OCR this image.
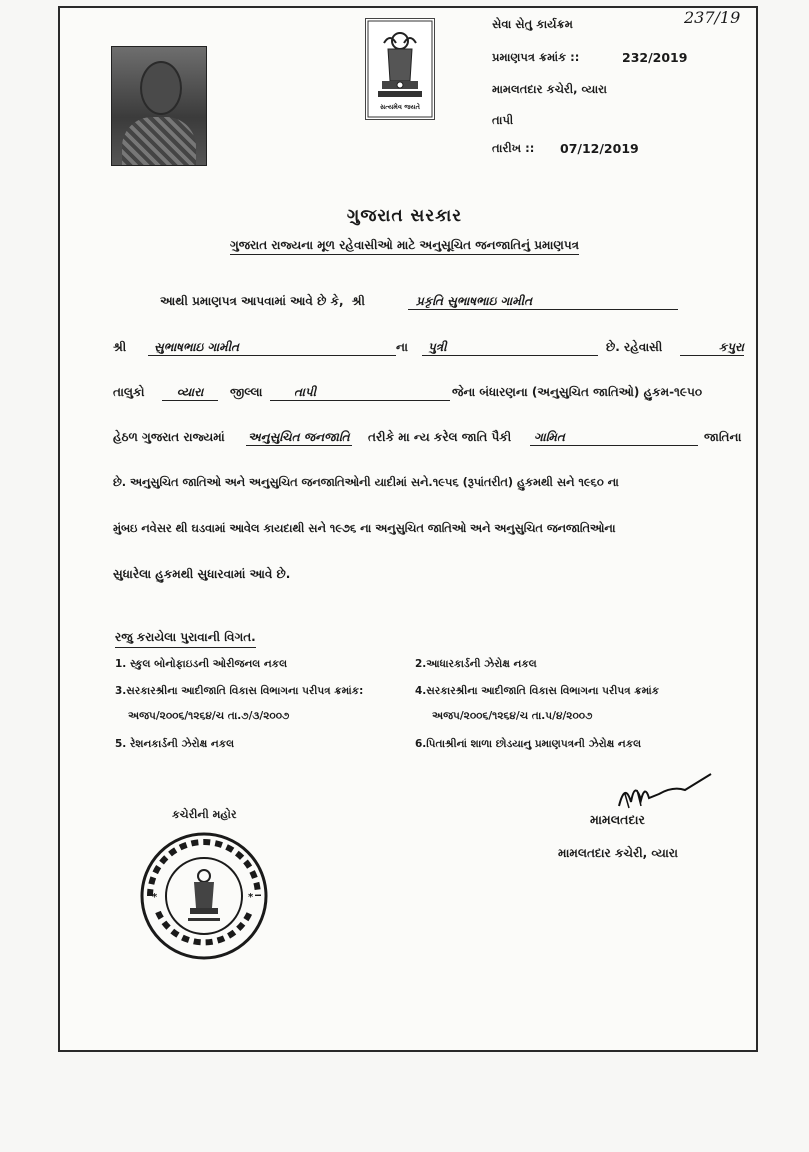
સત્યમેવ જયતે
સેવા સેતુ કાર્યક્રમ
પ્રમાણપત્ર ક્રમાંક ::	232/2019
મામલતદાર કચેરી, વ્યારા
તાપી
તારીખ :: 07/12/2019
237/19
ગુજરાત સરકાર
ગુજરાત રાજ્યના મૂળ રહેવાસીઓ માટે અનુસૂચિત જનજાતિનું પ્રમાણપત્ર
આથી પ્રમાણપત્ર આપવામાં આવે છે કે, શ્રી	પ્રકૃતિ સુભાષભાઇ ગામીત
શ્રી	સુભાષભાઇ ગામીત	ના	પુત્રી	છે. રહેવાસી	કપુરા
તાલુકો	વ્યારા	જીલ્લા	તાપી	જેના બંધારણના (અનુસુચિત જાતિઓ) હુકમ-૧૯૫૦
હેઠળ ગુજરાત રાજ્યમાં અનુસુચિત જનજાતિ તરીકે મા ન્ય કરેલ જાતિ પૈકી	ગામિત	જાતિના
છે. અનુસુચિત જાતિઓ અને અનુસુચિત જનજાતિઓની યાદીમાં સને.૧૯૫૬ (રૂપાંતરીત) હુકમથી સને ૧૯૬૦ ના
મુંબઇ નવેસર થી ઘડવામાં આવેલ કાયદાથી સને ૧૯૭૬ ના અનુસુચિત જાતિઓ અને અનુસુચિત જનજાતિઓના
સુધારેલા હુકમથી સુધારવામાં આવે છે.
રજુ કરાયેલા પુરાવાની વિગત.
1. સ્કુલ બોનોફાઇડની ઓરીજનલ નકલ	2.આધારકાર્ડની ઝેરોક્ષ નકલ
3.સરકારશ્રીના આદીજાતિ વિકાસ વિભાગના પરીપત્ર ક્રમાંક:	4.સરકારશ્રીના આદીજાતિ વિકાસ વિભાગના પરીપત્ર ક્રમાંક
અજપ/૨૦૦૬/૧૨૬૪/ચ તા.૭/૩/૨૦૦૭	અજપ/૨૦૦૬/૧૨૬૪/ચ તા.પ/૪/૨૦૦૭
5. રેશનકાર્ડની ઝેરોક્ષ નકલ	6.પિતાશ્રીનાં શાળા છોડયાનુ પ્રમાણપત્રની ઝેરોક્ષ નકલ
કચેરીની મહોર
*	*
મામલતદાર
મામલતદાર કચેરી, વ્યારા
